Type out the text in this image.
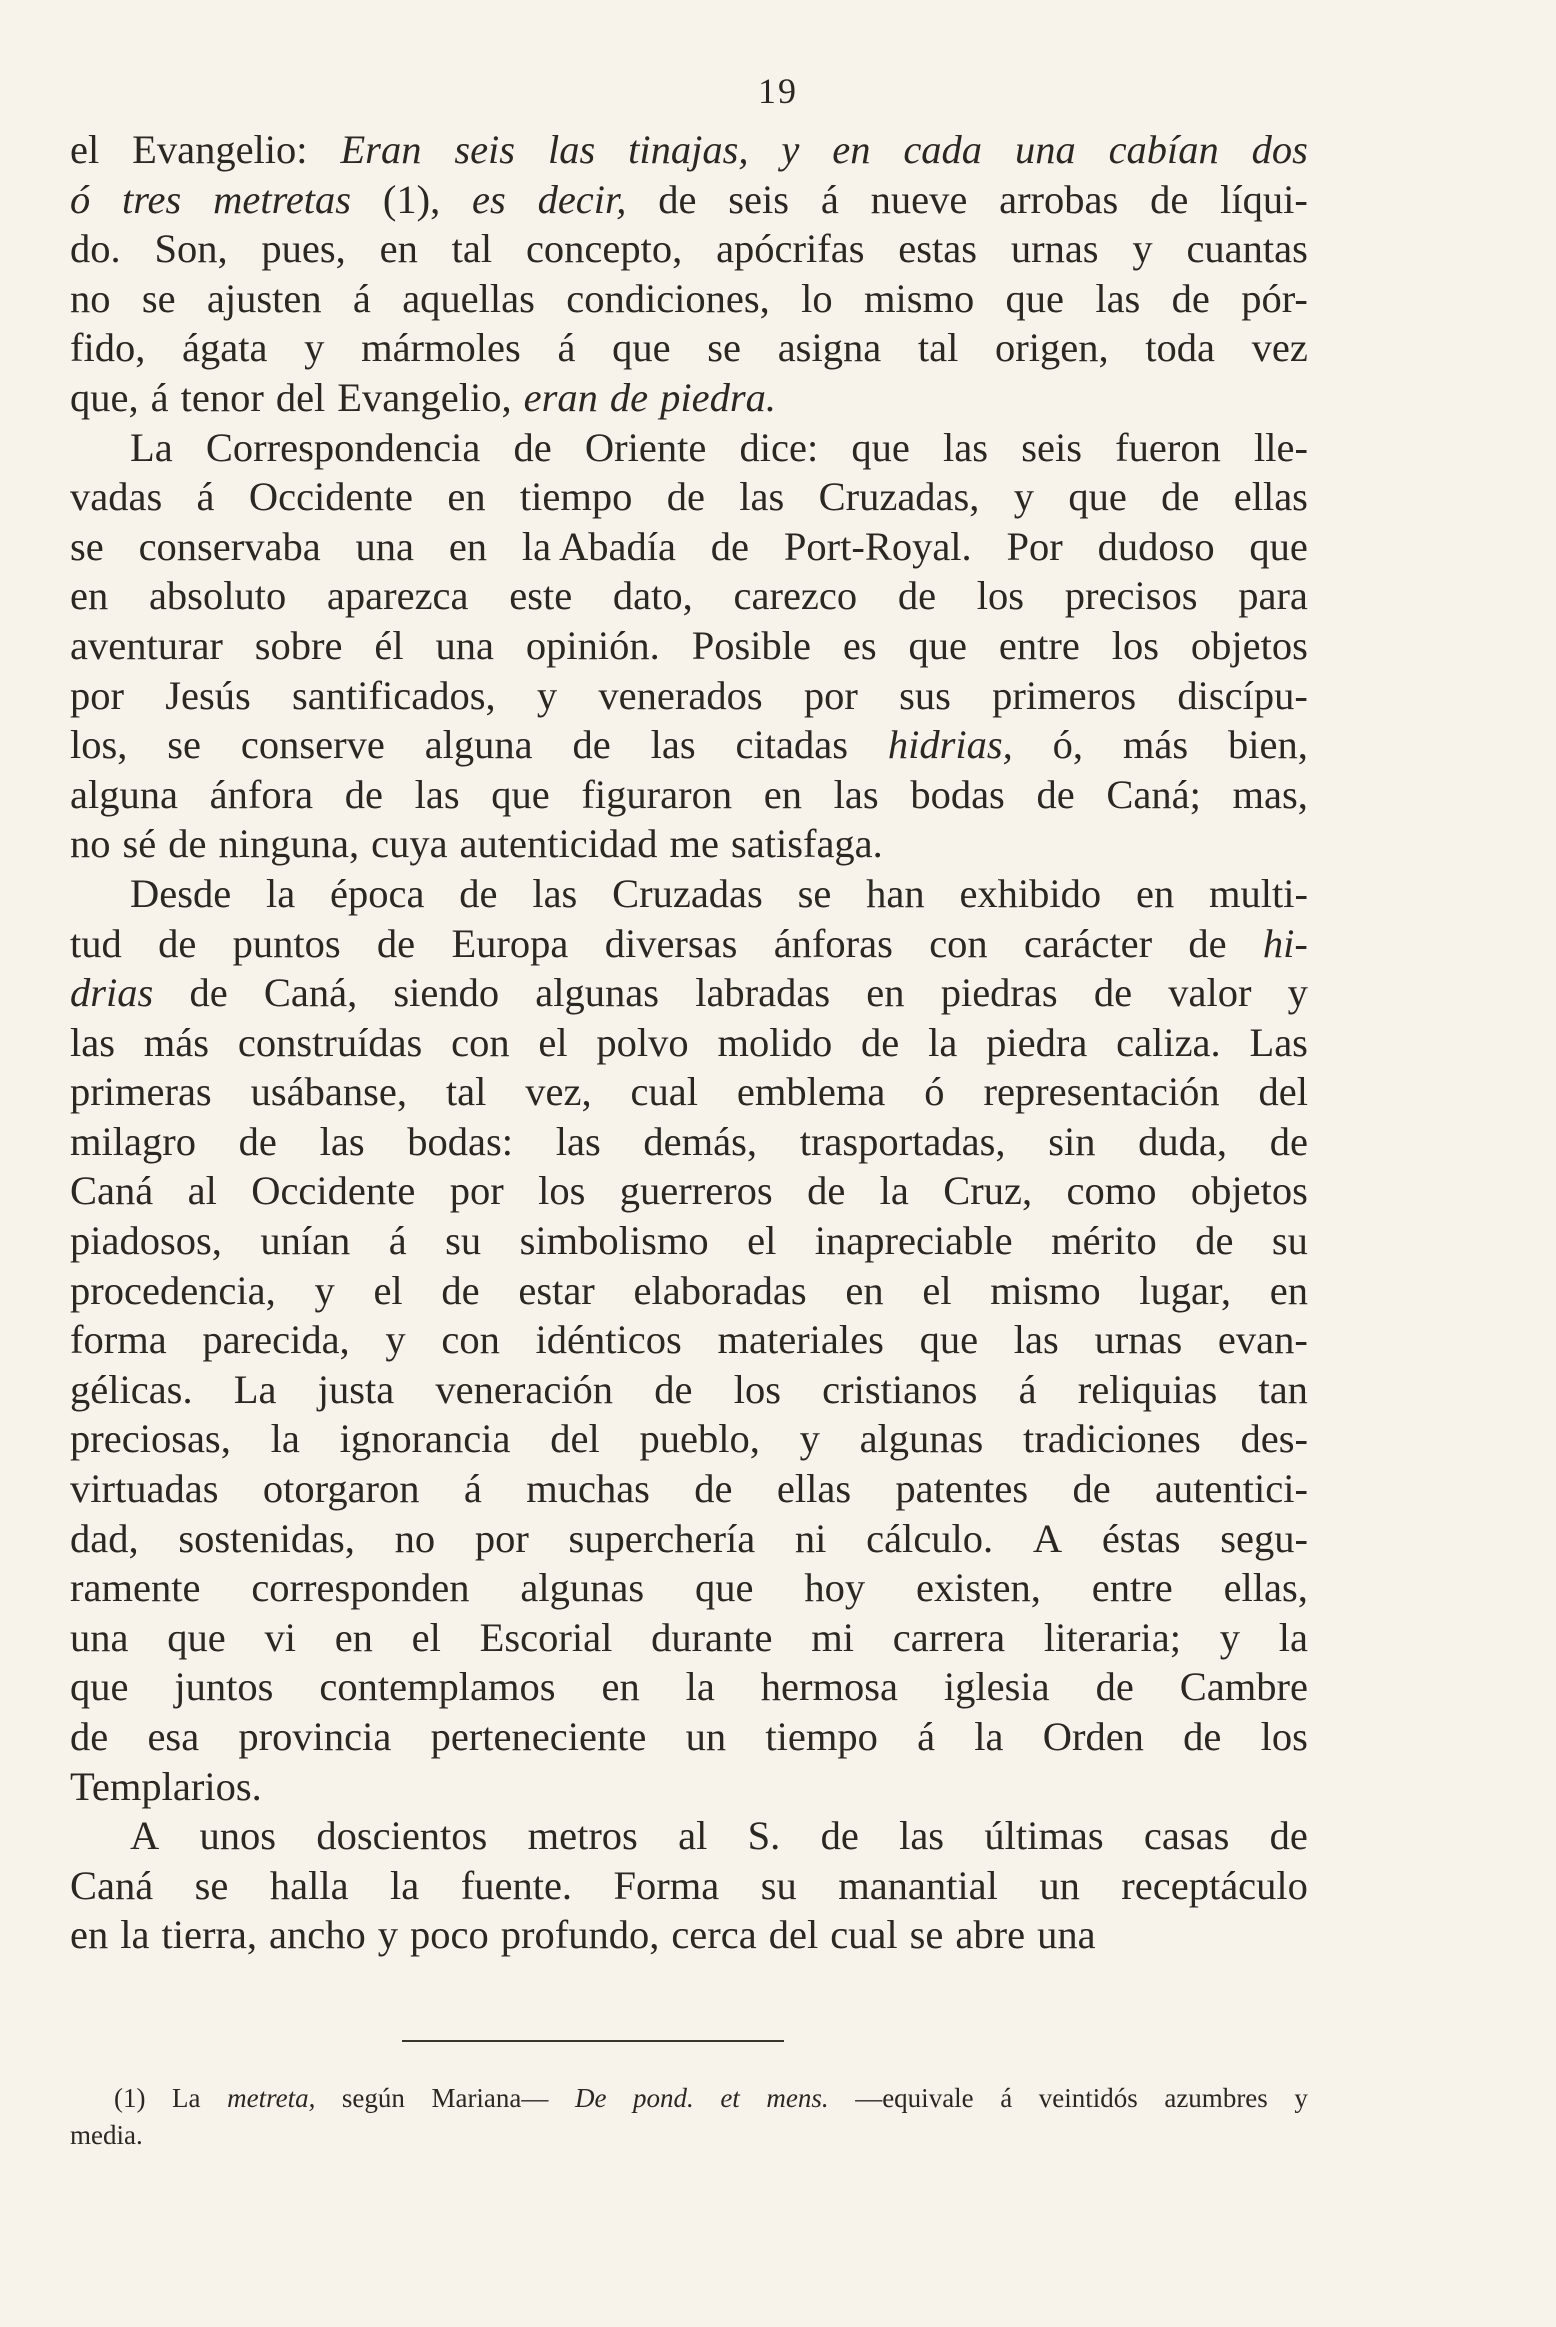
19
el Evangelio: Eran seis las tinajas, y en cada una cabían dos
ó tres metretas (1), es decir, de seis á nueve arrobas de líqui-
do. Son, pues, en tal concepto, apócrifas estas urnas y cuantas
no se ajusten á aquellas condiciones, lo mismo que las de pór-
fido, ágata y mármoles á que se asigna tal origen, toda vez
que, á tenor del Evangelio, eran de piedra.
La Correspondencia de Oriente dice: que las seis fueron lle-
vadas á Occidente en tiempo de las Cruzadas, y que de ellas
se conservaba una en la Abadía de Port-Royal. Por dudoso que
en absoluto aparezca este dato, carezco de los precisos para
aventurar sobre él una opinión. Posible es que entre los objetos
por Jesús santificados, y venerados por sus primeros discípu-
los, se conserve alguna de las citadas hidrias, ó, más bien,
alguna ánfora de las que figuraron en las bodas de Caná; mas,
no sé de ninguna, cuya autenticidad me satisfaga.
Desde la época de las Cruzadas se han exhibido en multi-
tud de puntos de Europa diversas ánforas con carácter de hi-
drias de Caná, siendo algunas labradas en piedras de valor y
las más construídas con el polvo molido de la piedra caliza. Las
primeras usábanse, tal vez, cual emblema ó representación del
milagro de las bodas: las demás, trasportadas, sin duda, de
Caná al Occidente por los guerreros de la Cruz, como objetos
piadosos, unían á su simbolismo el inapreciable mérito de su
procedencia, y el de estar elaboradas en el mismo lugar, en
forma parecida, y con idénticos materiales que las urnas evan-
gélicas. La justa veneración de los cristianos á reliquias tan
preciosas, la ignorancia del pueblo, y algunas tradiciones des-
virtuadas otorgaron á muchas de ellas patentes de autentici-
dad, sostenidas, no por superchería ni cálculo. A éstas segu-
ramente corresponden algunas que hoy existen, entre ellas,
una que vi en el Escorial durante mi carrera literaria; y la
que juntos contemplamos en la hermosa iglesia de Cambre
de esa provincia perteneciente un tiempo á la Orden de los
Templarios.
A unos doscientos metros al S. de las últimas casas de
Caná se halla la fuente. Forma su manantial un receptáculo
en la tierra, ancho y poco profundo, cerca del cual se abre una
(1) La metreta, según Mariana— De pond. et mens. —equivale á veintidós azumbres y
media.
